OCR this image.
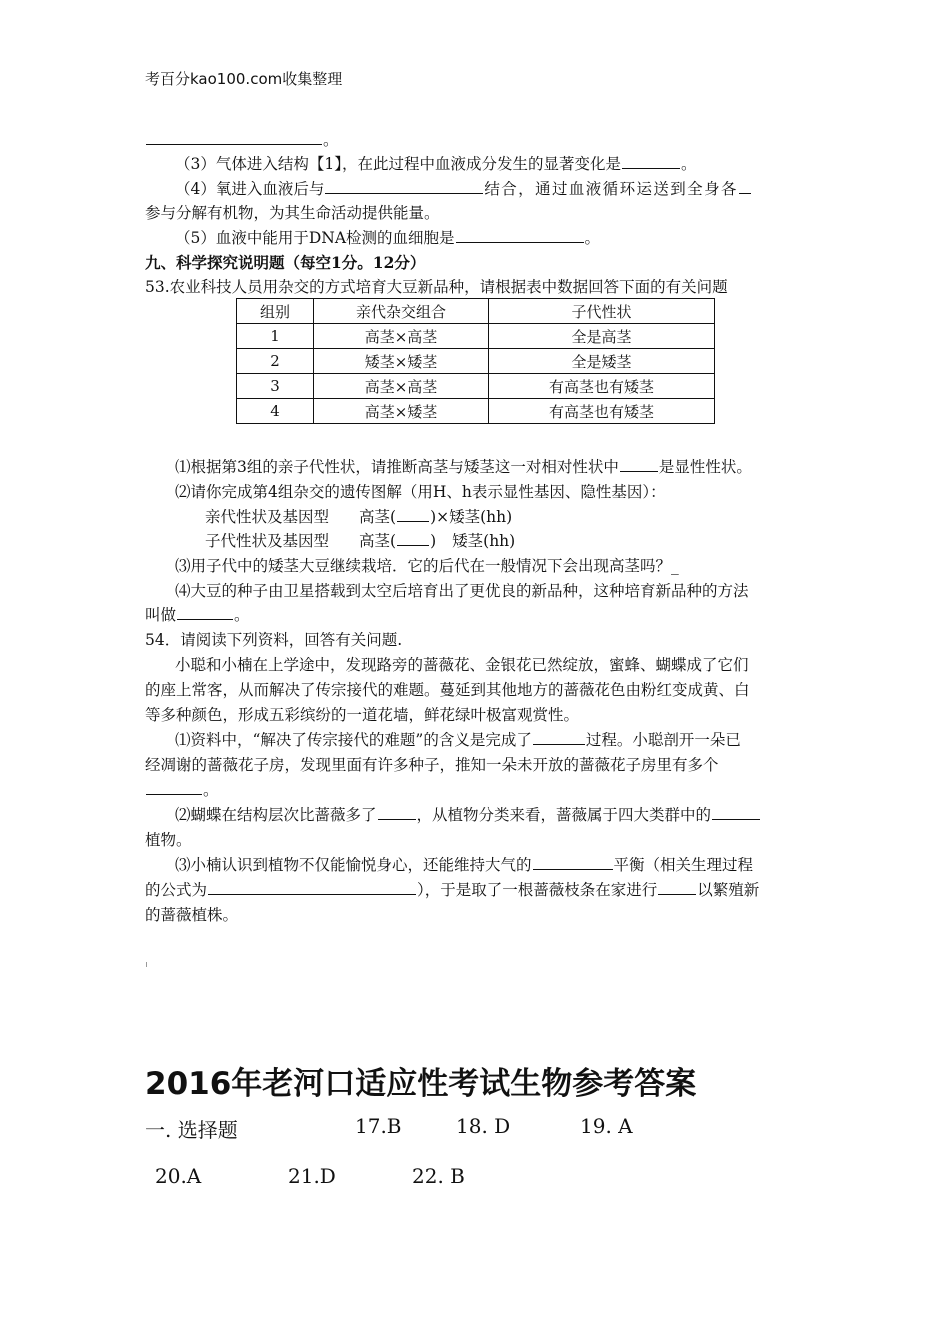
考百分kao100.com收集整理
。
（3）气体进入结构【1】，在此过程中血液成分发生的显著变化是	。
（4）氧进入血液后与	结合，通过血液循环运送到全身各
参与分解有机物，为其生命活动提供能量。
（5）血液中能用于DNA检测的血细胞是	。
九、科学探究说明题（每空1分。12分）
53.农业科技人员用杂交的方式培育大豆新品种，请根据表中数据回答下面的有关问题
组别	亲代杂交组合	子代性状
1	高茎×高茎	全是高茎
2	矮茎×矮茎	全是矮茎
3	高茎×高茎	有高茎也有矮茎
4	高茎×矮茎	有高茎也有矮茎
⑴根据第3组的亲子代性状，请推断高茎与矮茎这一对相对性状中	是显性性状。
⑵请你完成第4组杂交的遗传图解（用H、h表示显性基因、隐性基因）：
亲代性状及基因型 高茎( )×矮茎(hh)
子代性状及基因型 高茎( ) 矮茎(hh)
⑶用子代中的矮茎大豆继续栽培．它的后代在一般情况下会出现高茎吗？_
⑷大豆的种子由卫星搭载到太空后培育出了更优良的新品种，这种培育新品种的方法
叫做	。
54．请阅读下列资料，回答有关问题.
小聪和小楠在上学途中，发现路旁的蔷薇花、金银花已然绽放，蜜蜂、蝴蝶成了它们
的座上常客，从而解决了传宗接代的难题。蔓延到其他地方的蔷薇花色由粉红变成黄、白
等多种颜色，形成五彩缤纷的一道花墙，鲜花绿叶极富观赏性。
⑴资料中，“解决了传宗接代的难题”的含义是完成了	过程。小聪剖开一朵已
经凋谢的蔷薇花子房，发现里面有许多种子，推知一朵未开放的蔷薇花子房里有多个
。
⑵蝴蝶在结构层次比蔷薇多了	，从植物分类来看，蔷薇属于四大类群中的
植物。
⑶小楠认识到植物不仅能愉悦身心，还能维持大气的	平衡（相关生理过程
的公式为	），于是取了一根蔷薇枝条在家进行	以繁殖新
的蔷薇植株。
2016年老河口适应性考试生物参考答案
一. 选择题	17.B	18. D	19. A
20.A	21.D	22. B
